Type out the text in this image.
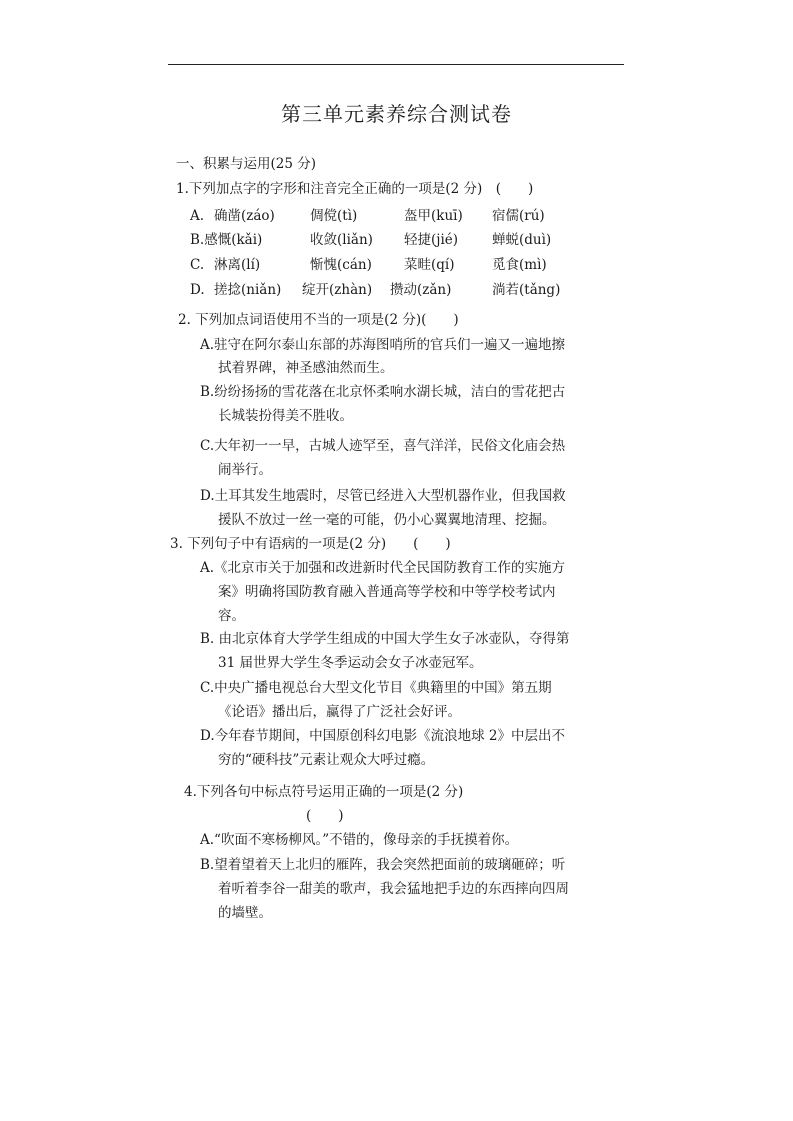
第三单元素养综合测试卷
一、积累与运用(25 分)
1.下列加点字的字形和注音完全正确的一项是(2 分)　(　　)
A. 确凿(záo)	倜傥(tì)	盔甲(kuī) 宿儒(rú)
B.感慨(kǎi)	收敛(liǎn) 轻捷(jié)	蝉蜕(duì)
C. 淋离(lí)	惭愧(cán) 菜畦(qí)	觅食(mì)
D. 搓捻(niǎn) 绽开(zhàn) 攒动(zǎn)	淌若(tǎng)
2. 下列加点词语使用不当的一项是(2 分)(　　)
A.驻守在阿尔泰山东部的苏海图哨所的官兵们一遍又一遍地擦
拭着界碑，神圣感油然而生。
B.纷纷扬扬的雪花落在北京怀柔响水湖长城，洁白的雪花把古
长城装扮得美不胜收。
C.大年初一一早，古城人迹罕至，喜气洋洋，民俗文化庙会热
闹举行。
D.土耳其发生地震时，尽管已经进入大型机器作业，但我国救
援队不放过一丝一毫的可能，仍小心翼翼地清理、挖掘。
3. 下列句子中有语病的一项是(2 分)　　(　　)
A.《北京市关于加强和改进新时代全民国防教育工作的实施方
案》明确将国防教育融入普通高等学校和中等学校考试内
容。
B. 由北京体育大学学生组成的中国大学生女子冰壶队，夺得第
31 届世界大学生冬季运动会女子冰壶冠军。
C.中央广播电视总台大型文化节目《典籍里的中国》第五期
《论语》播出后，赢得了广泛社会好评。
D.今年春节期间，中国原创科幻电影《流浪地球 2》中层出不
穷的“硬科技”元素让观众大呼过瘾。
4.下列各句中标点符号运用正确的一项是(2 分)
(　　)
A.“吹面不寒杨柳风。”不错的，像母亲的手抚摸着你。
B.望着望着天上北归的雁阵，我会突然把面前的玻璃砸碎；听
着听着李谷一甜美的歌声，我会猛地把手边的东西摔向四周
的墙壁。
